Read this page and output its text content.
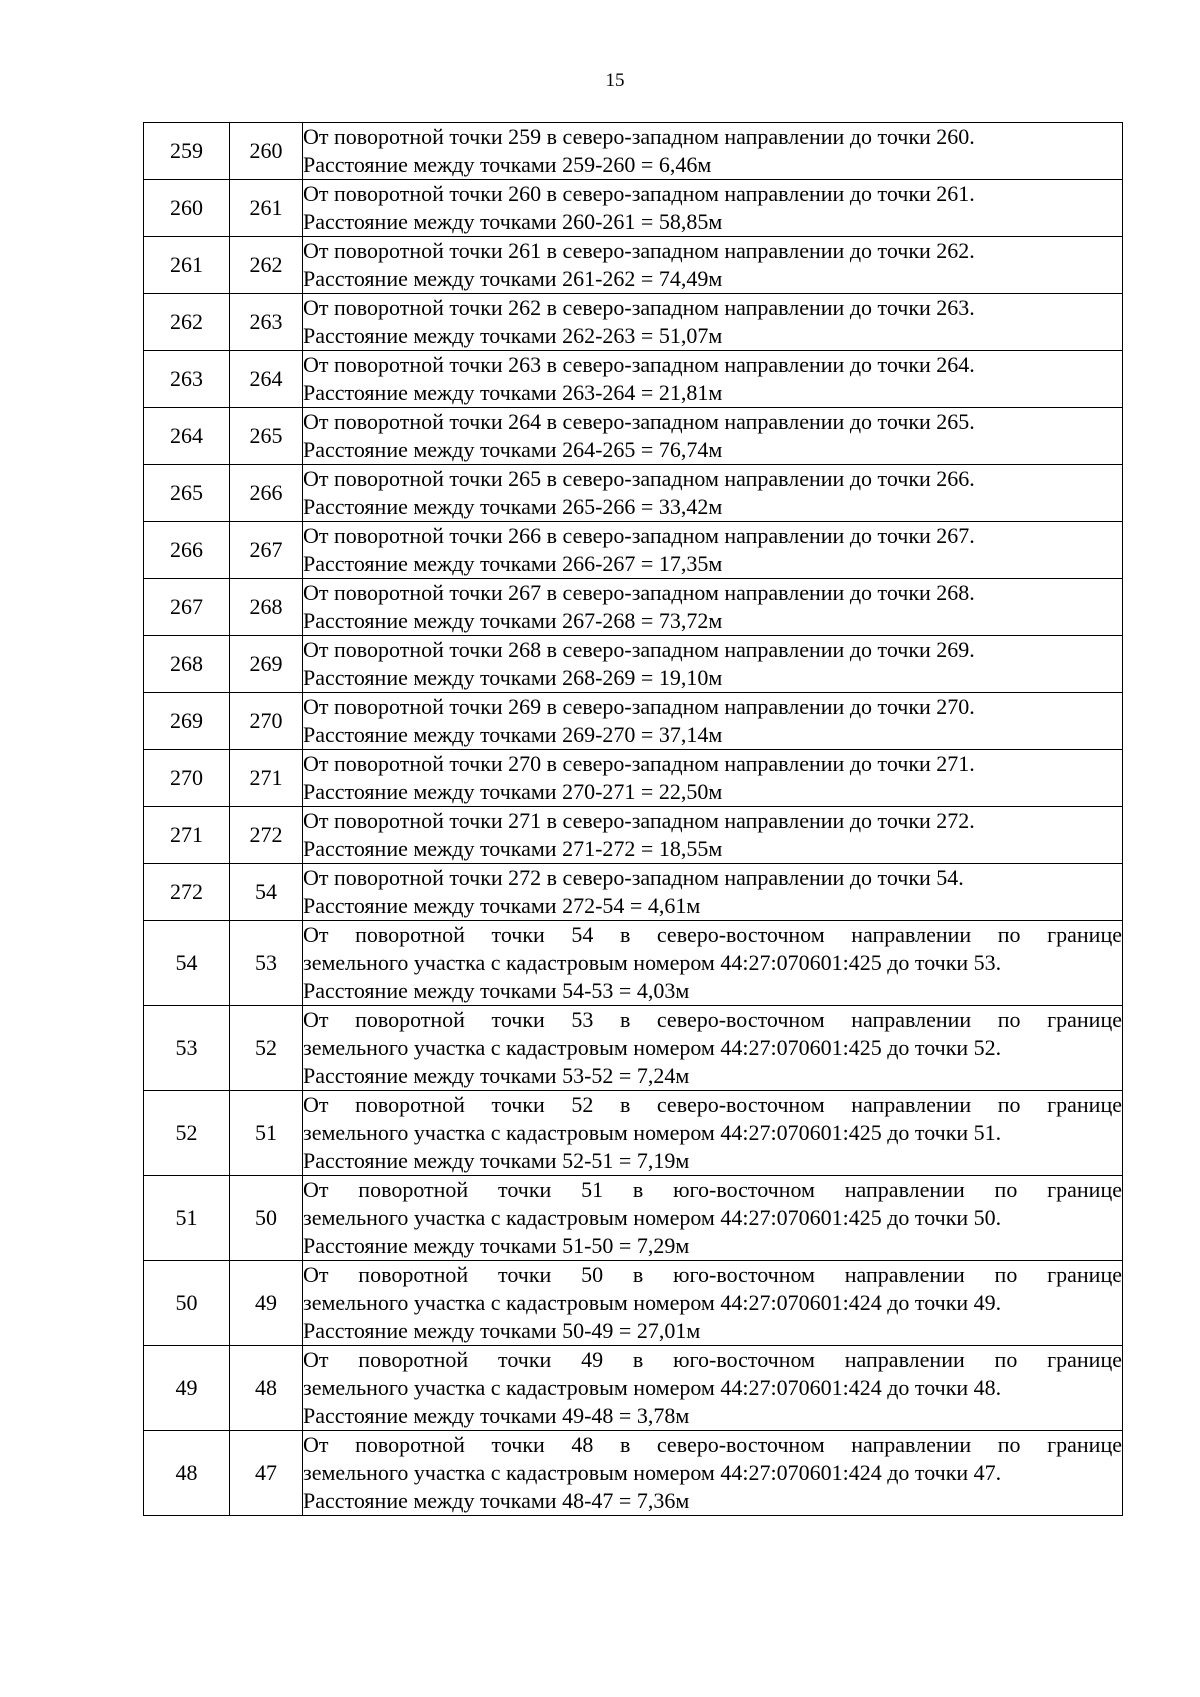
15
259	260	От поворотной точки 259 в северо-западном направлении до точки 260.
Расстояние между точками 259-260 = 6,46м

260	261	От поворотной точки 260 в северо-западном направлении до точки 261.
Расстояние между точками 260-261 = 58,85м

261	262	От поворотной точки 261 в северо-западном направлении до точки 262.
Расстояние между точками 261-262 = 74,49м

262	263	От поворотной точки 262 в северо-западном направлении до точки 263.
Расстояние между точками 262-263 = 51,07м

263	264	От поворотной точки 263 в северо-западном направлении до точки 264.
Расстояние между точками 263-264 = 21,81м

264	265	От поворотной точки 264 в северо-западном направлении до точки 265.
Расстояние между точками 264-265 = 76,74м

265	266	От поворотной точки 265 в северо-западном направлении до точки 266.
Расстояние между точками 265-266 = 33,42м

266	267	От поворотной точки 266 в северо-западном направлении до точки 267.
Расстояние между точками 266-267 = 17,35м

267	268	От поворотной точки 267 в северо-западном направлении до точки 268.
Расстояние между точками 267-268 = 73,72м

268	269	От поворотной точки 268 в северо-западном направлении до точки 269.
Расстояние между точками 268-269 = 19,10м

269	270	От поворотной точки 269 в северо-западном направлении до точки 270.
Расстояние между точками 269-270 = 37,14м

270	271	От поворотной точки 270 в северо-западном направлении до точки 271.
Расстояние между точками 270-271 = 22,50м

271	272	От поворотной точки 271 в северо-западном направлении до точки 272.
Расстояние между точками 271-272 = 18,55м

272	54	От поворотной точки 272 в северо-западном направлении до точки 54.
Расстояние между точками 272-54 = 4,61м

54	53	От поворотной точки 54 в северо-восточном направлении по границе
земельного участка с кадастровым номером 44:27:070601:425 до точки 53.
Расстояние между точками 54-53 = 4,03м

53	52	От поворотной точки 53 в северо-восточном направлении по границе
земельного участка с кадастровым номером 44:27:070601:425 до точки 52.
Расстояние между точками 53-52 = 7,24м

52	51	От поворотной точки 52 в северо-восточном направлении по границе
земельного участка с кадастровым номером 44:27:070601:425 до точки 51.
Расстояние между точками 52-51 = 7,19м

51	50	От поворотной точки 51 в юго-восточном направлении по границе
земельного участка с кадастровым номером 44:27:070601:425 до точки 50.
Расстояние между точками 51-50 = 7,29м

50	49	От поворотной точки 50 в юго-восточном направлении по границе
земельного участка с кадастровым номером 44:27:070601:424 до точки 49.
Расстояние между точками 50-49 = 27,01м

49	48	От поворотной точки 49 в юго-восточном направлении по границе
земельного участка с кадастровым номером 44:27:070601:424 до точки 48.
Расстояние между точками 49-48 = 3,78м

48	47	От поворотной точки 48 в северо-восточном направлении по границе
земельного участка с кадастровым номером 44:27:070601:424 до точки 47.
Расстояние между точками 48-47 = 7,36м
